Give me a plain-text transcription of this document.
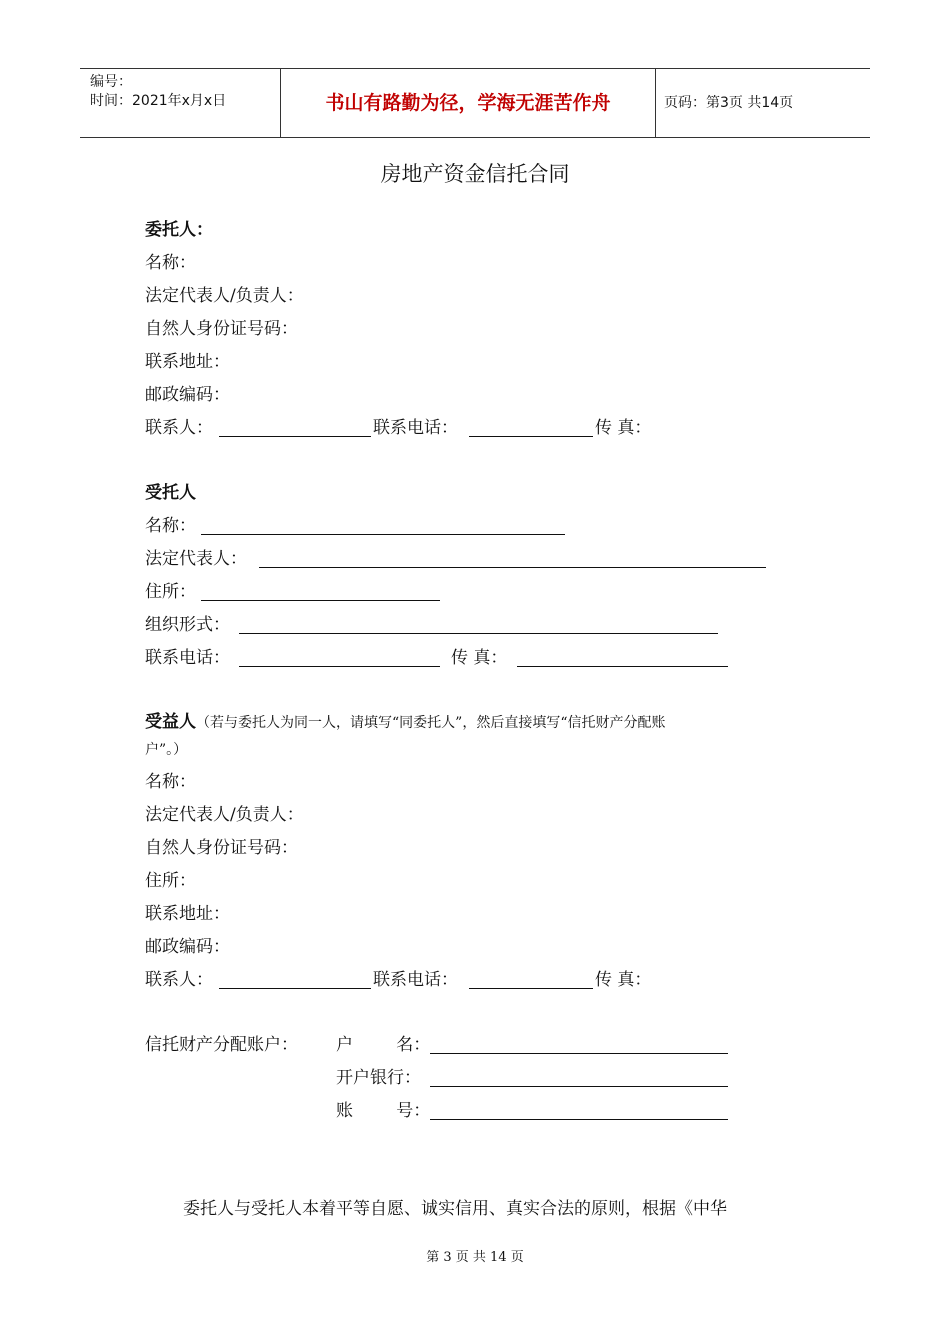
编号：
时间：2021年x月x日	书山有路勤为径，学海无涯苦作舟	页码：第3页 共14页
房地产资金信托合同
委托人：
名称：
法定代表人/负责人：
自然人身份证号码：
联系地址：
邮政编码：
联系人：	联系电话：	传 真：
受托人
名称：
法定代表人：
住所：
组织形式：
联系电话：	传 真：
受益人（若与委托人为同一人，请填写“同委托人”，然后直接填写“信托财产分配账
户”。）
名称：
法定代表人/负责人：
自然人身份证号码：
住所：
联系地址：
邮政编码：
联系人：	联系电话：	传 真：
信托财产分配账户： 户        名：
开户银行：
账        号：
委托人与受托人本着平等自愿、诚实信用、真实合法的原则，根据《中华
第 3 页 共 14 页
